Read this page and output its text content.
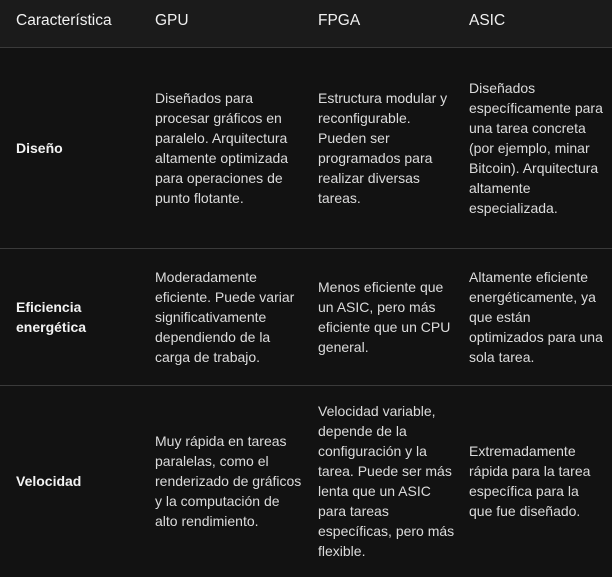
Característica	GPU	FPGA	ASIC
Diseño	Diseñados para procesar gráficos en paralelo. Arquitectura altamente optimizada para operaciones de punto flotante.	Estructura modular y reconfigurable. Pueden ser programados para realizar diversas tareas.	Diseñados específicamente para una tarea concreta (por ejemplo, minar Bitcoin). Arquitectura altamente especializada.
Eficiencia energética	Moderadamente eficiente. Puede variar significativamente dependiendo de la carga de trabajo.	Menos eficiente que un ASIC, pero más eficiente que un CPU general.	Altamente eficiente energéticamente, ya que están optimizados para una sola tarea.
Velocidad	Muy rápida en tareas paralelas, como el renderizado de gráficos y la computación de alto rendimiento.	Velocidad variable, depende de la configuración y la tarea. Puede ser más lenta que un ASIC para tareas específicas, pero más flexible.	Extremadamente rápida para la tarea específica para la que fue diseñado.
